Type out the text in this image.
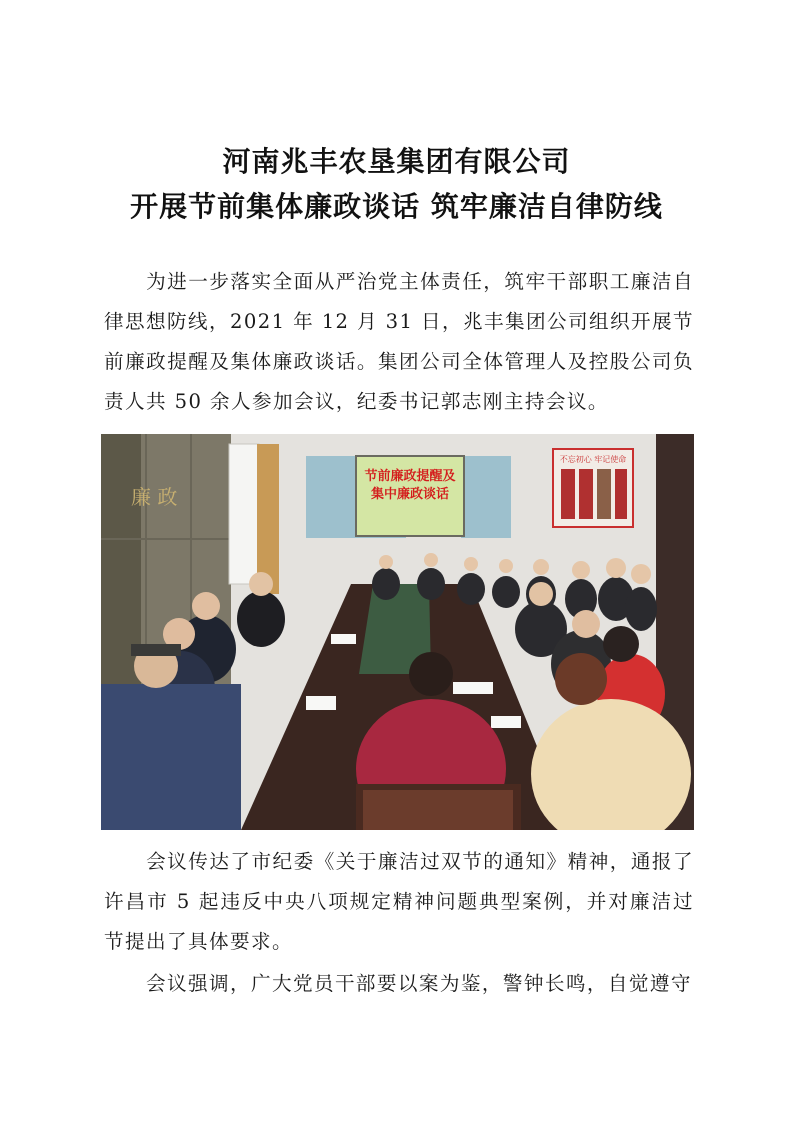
河南兆丰农垦集团有限公司
开展节前集体廉政谈话 筑牢廉洁自律防线

为进一步落实全面从严治党主体责任，筑牢干部职工廉洁自律思想防线，2021 年 12 月 31 日，兆丰集团公司组织开展节前廉政提醒及集体廉政谈话。集团公司全体管理人及控股公司负责人共 50 余人参加会议，纪委书记郭志刚主持会议。

廉 政
节前廉政提醒及
集中廉政谈话
不忘初心 牢记使命

会议传达了市纪委《关于廉洁过双节的通知》精神，通报了许昌市 5 起违反中央八项规定精神问题典型案例，并对廉洁过节提出了具体要求。

会议强调，广大党员干部要以案为鉴，警钟长鸣，自觉遵守
